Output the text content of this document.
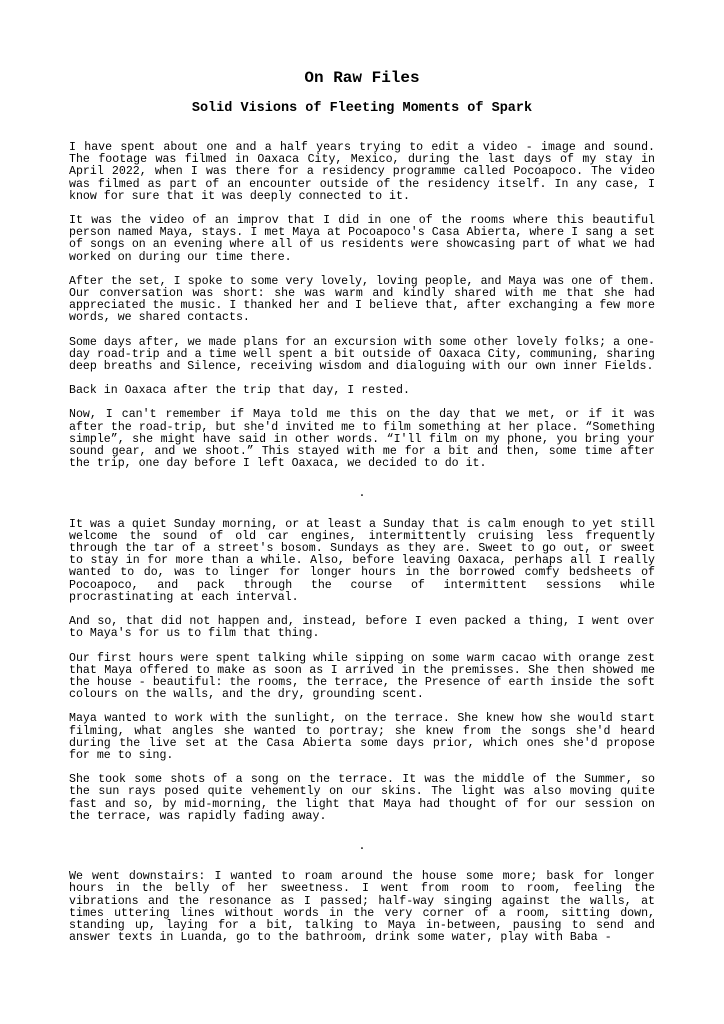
On Raw Files
Solid Visions of Fleeting Moments of Spark

I have spent about one and a half years trying to edit a video - image and sound. The footage was filmed in Oaxaca City, Mexico, during the last days of my stay in April 2022, when I was there for a residency programme called Pocoapoco. The video was filmed as part of an encounter outside of the residency itself. In any case, I know for sure that it was deeply connected to it.

It was the video of an improv that I did in one of the rooms where this beautiful person named Maya, stays. I met Maya at Pocoapoco's Casa Abierta, where I sang a set of songs on an evening where all of us residents were showcasing part of what we had worked on during our time there.

After the set, I spoke to some very lovely, loving people, and Maya was one of them. Our conversation was short: she was warm and kindly shared with me that she had appreciated the music. I thanked her and I believe that, after exchanging a few more words, we shared contacts.

Some days after, we made plans for an excursion with some other lovely folks; a one-day road-trip and a time well spent a bit outside of Oaxaca City, communing, sharing deep breaths and Silence, receiving wisdom and dialoguing with our own inner Fields.

Back in Oaxaca after the trip that day, I rested.

Now, I can't remember if Maya told me this on the day that we met, or if it was after the road-trip, but she'd invited me to film something at her place. “Something simple”, she might have said in other words. “I'll film on my phone, you bring your sound gear, and we shoot.” This stayed with me for a bit and then, some time after the trip, one day before I left Oaxaca, we decided to do it.

.

It was a quiet Sunday morning, or at least a Sunday that is calm enough to yet still welcome the sound of old car engines, intermittently cruising less frequently through the tar of a street's bosom. Sundays as they are. Sweet to go out, or sweet to stay in for more than a while. Also, before leaving Oaxaca, perhaps all I really wanted to do, was to linger for longer hours in the borrowed comfy bedsheets of Pocoapoco, and pack through the course of intermittent sessions while procrastinating at each interval.

And so, that did not happen and, instead, before I even packed a thing, I went over to Maya's for us to film that thing.

Our first hours were spent talking while sipping on some warm cacao with orange zest that Maya offered to make as soon as I arrived in the premisses. She then showed me the house - beautiful: the rooms, the terrace, the Presence of earth inside the soft colours on the walls, and the dry, grounding scent.

Maya wanted to work with the sunlight, on the terrace. She knew how she would start filming, what angles she wanted to portray; she knew from the songs she'd heard during the live set at the Casa Abierta some days prior, which ones she'd propose for me to sing.

She took some shots of a song on the terrace. It was the middle of the Summer, so the sun rays posed quite vehemently on our skins. The light was also moving quite fast and so, by mid-morning, the light that Maya had thought of for our session on the terrace, was rapidly fading away.

.

We went downstairs: I wanted to roam around the house some more; bask for longer hours in the belly of her sweetness. I went from room to room, feeling the vibrations and the resonance as I passed; half-way singing against the walls, at times uttering lines without words in the very corner of a room, sitting down, standing up, laying for a bit, talking to Maya in-between, pausing to send and answer texts in Luanda, go to the bathroom, drink some water, play with Baba -
